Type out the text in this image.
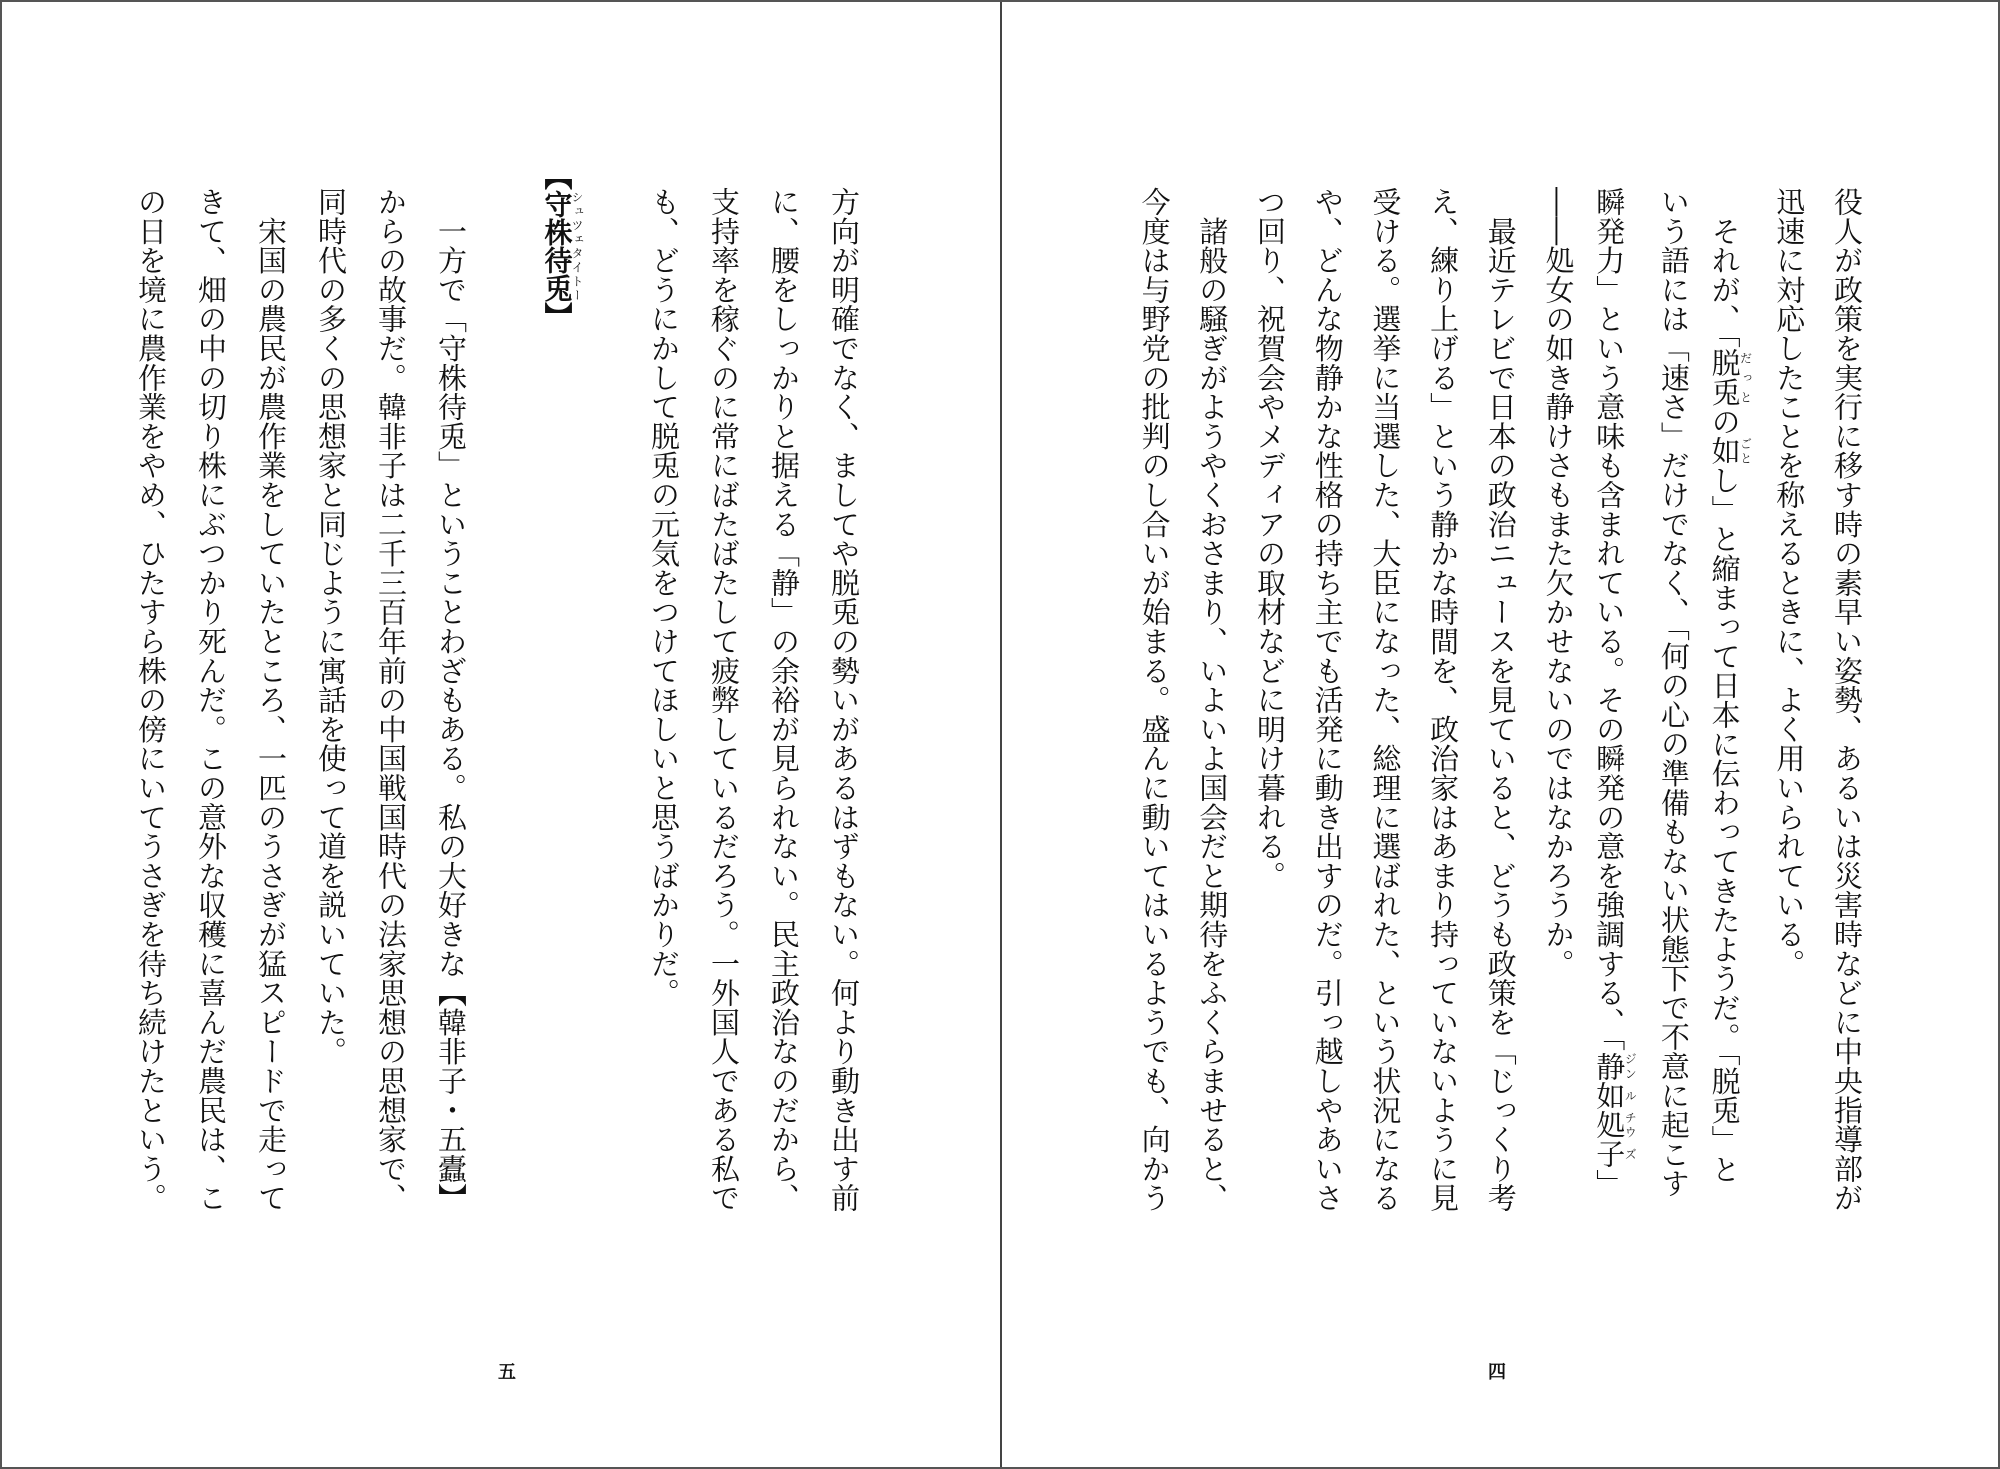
方向が明確でなく、ましてや脱兎の勢いがあるはずもない。何より動き出す前
に、腰をしっかりと据える「静」の余裕が見られない。民主政治なのだから、
支持率を稼ぐのに常にばたばたして疲弊しているだろう。一外国人である私で
も、どうにかして脱兎の元気をつけてほしいと思うばかりだ。
【守株待兎シュツェタイトー】
　一方で「守株待兎」ということわざもある。私の大好きな【韓非子・五蠹】
からの故事だ。韓非子は二千三百年前の中国戦国時代の法家思想の思想家で、
同時代の多くの思想家と同じように寓話を使って道を説いていた。
　宋国の農民が農作業をしていたところ、一匹のうさぎが猛スピードで走って
きて、畑の中の切り株にぶつかり死んだ。この意外な収穫に喜んだ農民は、こ
の日を境に農作業をやめ、ひたすら株の傍にいてうさぎを待ち続けたという。	役人が政策を実行に移す時の素早い姿勢、あるいは災害時などに中央指導部が
迅速に対応したことを称えるときに、よく用いられている。
　それが、「脱兎だっとの如ごとし」と縮まって日本に伝わってきたようだ。「脱兎」と
いう語には「速さ」だけでなく、「何の心の準備もない状態下で不意に起こす
瞬発力」という意味も含まれている。その瞬発の意を強調する、「静ジン如ル処チウ子ズ」
――処女の如き静けさもまた欠かせないのではなかろうか。
　最近テレビで日本の政治ニュースを見ていると、どうも政策を「じっくり考
え、練り上げる」という静かな時間を、政治家はあまり持っていないように見
受ける。選挙に当選した、大臣になった、総理に選ばれた、という状況になる
や、どんな物静かな性格の持ち主でも活発に動き出すのだ。引っ越しやあいさ
つ回り、祝賀会やメディアの取材などに明け暮れる。
　諸般の騒ぎがようやくおさまり、いよいよ国会だと期待をふくらませると、
今度は与野党の批判のし合いが始まる。盛んに動いてはいるようでも、向かう
五	四
